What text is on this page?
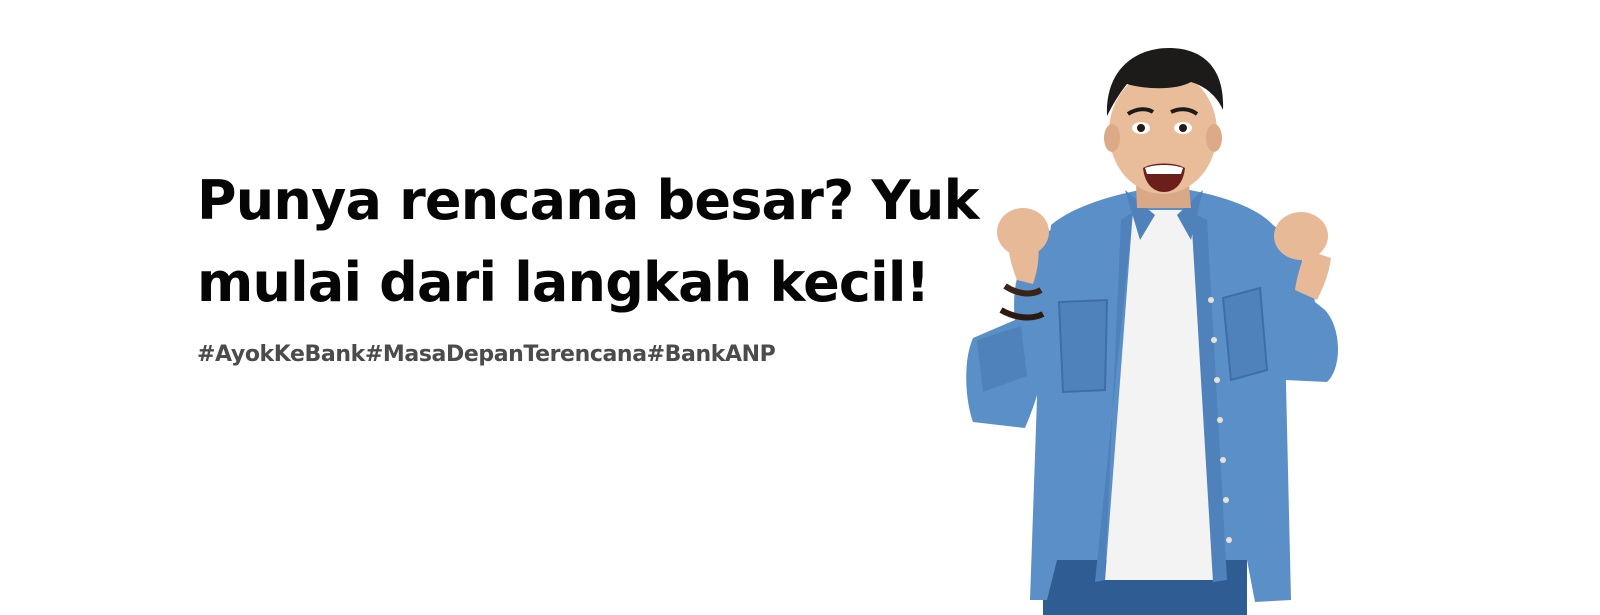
Punya rencana besar? Yuk
mulai dari langkah kecil!
#AyokKeBank#MasaDepanTerencana#BankANP
